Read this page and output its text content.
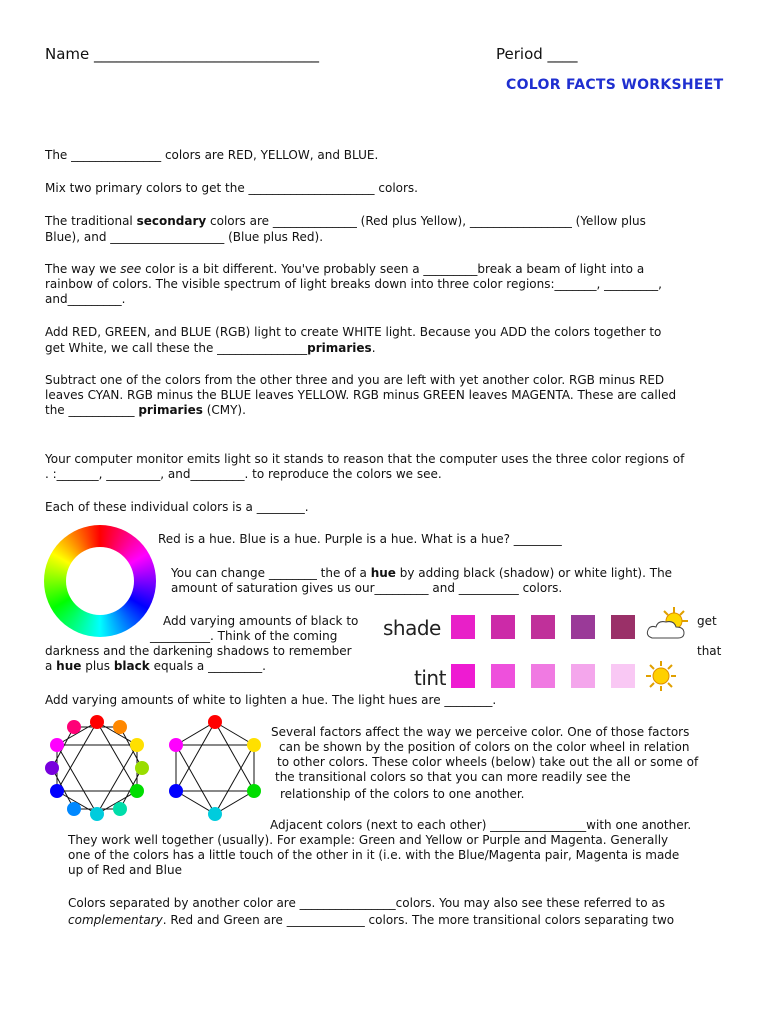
Name ______________________________	Period ____
COLOR FACTS WORKSHEET
The _______________ colors are RED, YELLOW, and BLUE.
Mix two primary colors to get the _____________________ colors.
The traditional secondary colors are ______________ (Red plus Yellow), _________________ (Yellow plus
Blue), and ___________________ (Blue plus Red).
The way we see color is a bit different. You've probably seen a _________break a beam of light into a
rainbow of colors. The visible spectrum of light breaks down into three color regions:_______, _________,
and_________.
Add RED, GREEN, and BLUE (RGB) light to create WHITE light. Because you ADD the colors together to
get White, we call these the _______________primaries.
Subtract one of the colors from the other three and you are left with yet another color. RGB minus RED
leaves CYAN. RGB minus the BLUE leaves YELLOW. RGB minus GREEN leaves MAGENTA. These are called
the ___________ primaries (CMY).
Your computer monitor emits light so it stands to reason that the computer uses the three color regions of
. :_______, _________, and_________. to reproduce the colors we see.
Each of these individual colors is a ________.
Red is a hue. Blue is a hue. Purple is a hue. What is a hue? ________
You can change ________ the of a hue by adding black (shadow) or white light). The
amount of saturation gives us our_________ and __________ colors.
Add varying amounts of black to
__________. Think of the coming
darkness and the darkening shadows to remember
a hue plus black equals a _________.
get
that
shade
tint
Add varying amounts of white to lighten a hue. The light hues are ________.
Several factors affect the way we perceive color. One of those factors
can be shown by the position of colors on the color wheel in relation
to other colors. These color wheels (below) take out the all or some of
the transitional colors so that you can more readily see the
relationship of the colors to one another.
Adjacent colors (next to each other) ________________with one another.
They work well together (usually). For example: Green and Yellow or Purple and Magenta. Generally
one of the colors has a little touch of the other in it (i.e. with the Blue/Magenta pair, Magenta is made
up of Red and Blue
Colors separated by another color are ________________colors. You may also see these referred to as
complementary. Red and Green are _____________ colors. The more transitional colors separating two
